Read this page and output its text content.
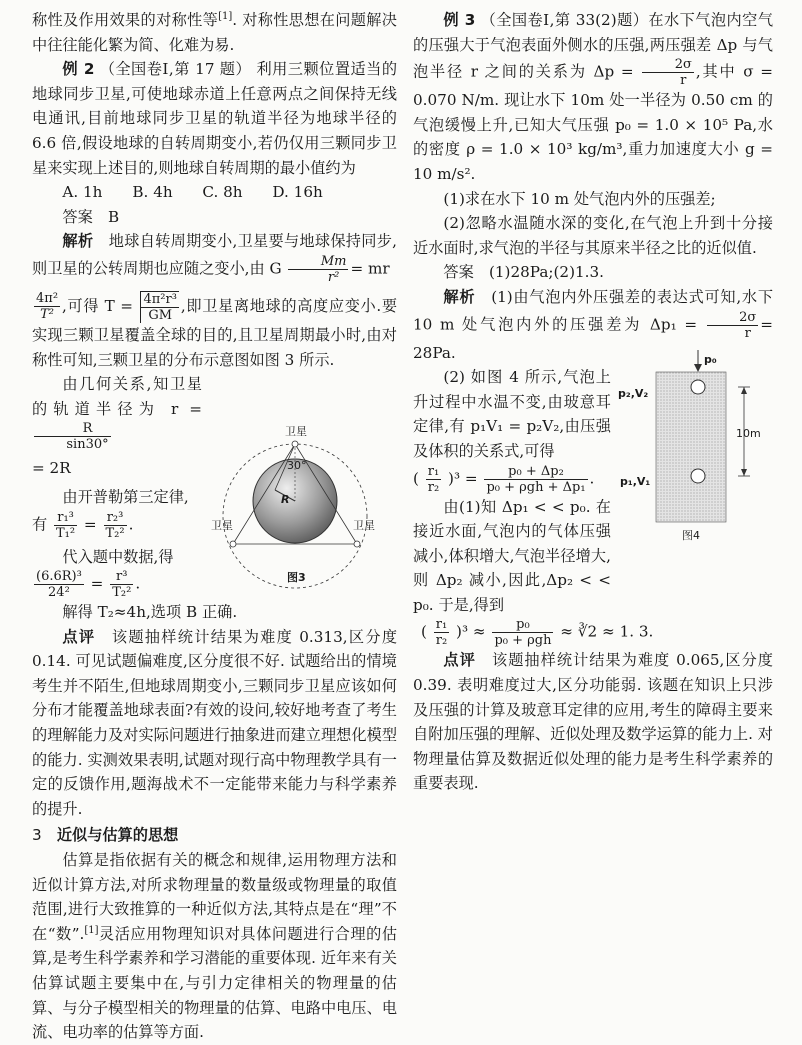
称性及作用效果的对称性等[1]. 对称性思想在问题解决中往往能化繁为简、化难为易.

例 2 （全国卷Ⅰ,第 17 题） 利用三颗位置适当的地球同步卫星,可使地球赤道上任意两点之间保持无线电通讯,目前地球同步卫星的轨道半径为地球半径的 6.6 倍,假设地球的自转周期变小,若仍仅用三颗同步卫星来实现上述目的,则地球自转周期的最小值约为

A. 1h B. 4h C. 8h D. 16h

答案　B

解析　 地球自转周期变小,卫星要与地球保持同步,则卫星的公转周期也应随之变小,由 G $\frac{Mm}{\text{r²}}$ = mr

$\frac{\text{4π²}}{\text{T²}}$ ,可得 $T = \frac{\text{4π²r³}}{GM}$ ,即卫星离地球的高度应变小.要实现三颗卫星覆盖全球的目的,且卫星周期最小时,由对称性可知,三颗卫星的分布示意图如图 3 所示.

由几何关系,知卫星的轨道半径为 r =
$\frac{R}{\sin 30^\circ}$

= 2R

由开普勒第三定律,

有 $\frac{\text{r₁³}}{\text{T₁²}} = \frac{\text{r₂³}}{\text{T₂²}}$ .

代入题中数据,得

$\frac{\text{(6.6R)³}}{\text{24²}} = \frac{\text{r³}}{\text{T₂²}}$ .

解得 T₂≈4h,选项 B 正确.

点评　 该题抽样统计结果为难度 0.313,区分度 0.14. 可见试题偏难度,区分度很不好. 试题给出的情境考生并不陌生,但地球周期变小,三颗同步卫星应该如何分布才能覆盖地球表面?有效的设问,较好地考查了考生的理解能力及对实际问题进行抽象进而建立理想化模型的能力. 实测效果表明,试题对现行高中物理教学具有一定的反馈作用,题海战术不一定能带来能力与科学素养的提升.

3　 近似与估算的思想

估算是指依据有关的概念和规律,运用物理方法和近似计算方法,对所求物理量的数量级或物理量的取值范围,进行大致推算的一种近似方法,其特点是在“理”不在“数”.[1]灵活应用物理知识对具体问题进行合理的估算,是考生科学素养和学习潜能的重要体现. 近年来有关估算试题主要集中在,与引力定律相关的物理量的估算、与分子模型相关的物理量的估算、电路中电压、电流、电功率的估算等方面.

卫星
30°
R
卫星	卫星
图3

例 3 （全国卷Ⅰ,第 33(2)题）在水下气泡内空气的压强大于气泡表面外侧水的压强,两压强差 Δp 与气泡半径 r 之间的关系为 $\Delta p = \frac{2\sigma}{r}$ ,其中 σ = 0.070 N/m. 现让水下 10m 处一半径为 0.50 cm 的气泡缓慢上升,已知大气压强 p₀ = 1.0 × 10⁵ Pa,水的密度 ρ = 1.0 × 10³ kg/m³,重力加速度大小 g = 10 m/s².

(1)求在水下 10 m 处气泡内外的压强差;

(2)忽略水温随水深的变化,在气泡上升到十分接近水面时,求气泡的半径与其原来半径之比的近似值.

答案　(1)28Pa;(2)1.3.

解析　 (1)由气泡内外压强差的表达式可知,水下 10 m 处气泡内外的压强差为 $\Delta p_1 = \frac{2\sigma}{r} = 28Pa$.

(2) 如图 4 所示,气泡上升过程中水温不变,由玻意耳定律,有 p₁V₁ = p₂V₂,由压强及体积的关系式,可得

( $\frac{\text{r₁}}{\text{r₂}} )^3 = \frac{\text{p₀ + Δp₂}}{\text{p₀ + ρgh + Δp₁}}$ .

由(1)知 Δp₁ < < p₀. 在接近水面,气泡内的气体压强减小,体积增大,气泡半径增大,则 Δp₂ 减小,因此,Δp₂ < < p₀. 于是,得到

( $\frac{\text{r₁}}{\text{r₂}} )^3 \approx \frac{\text{p₀}}{\text{p₀ + ρgh}}$ ≈ ∛2 ≈ 1. 3.

点评　 该题抽样统计结果为难度 0.065,区分度 0.39. 表明难度过大,区分功能弱. 该题在知识上只涉及压强的计算及玻意耳定律的应用,考生的障碍主要来自附加压强的理解、近似处理及数学运算的能力上. 对物理量估算及数据近似处理的能力是考生科学素养的重要表现.

p₀
p₂,V₂
10m
p₁,V₁
图4
